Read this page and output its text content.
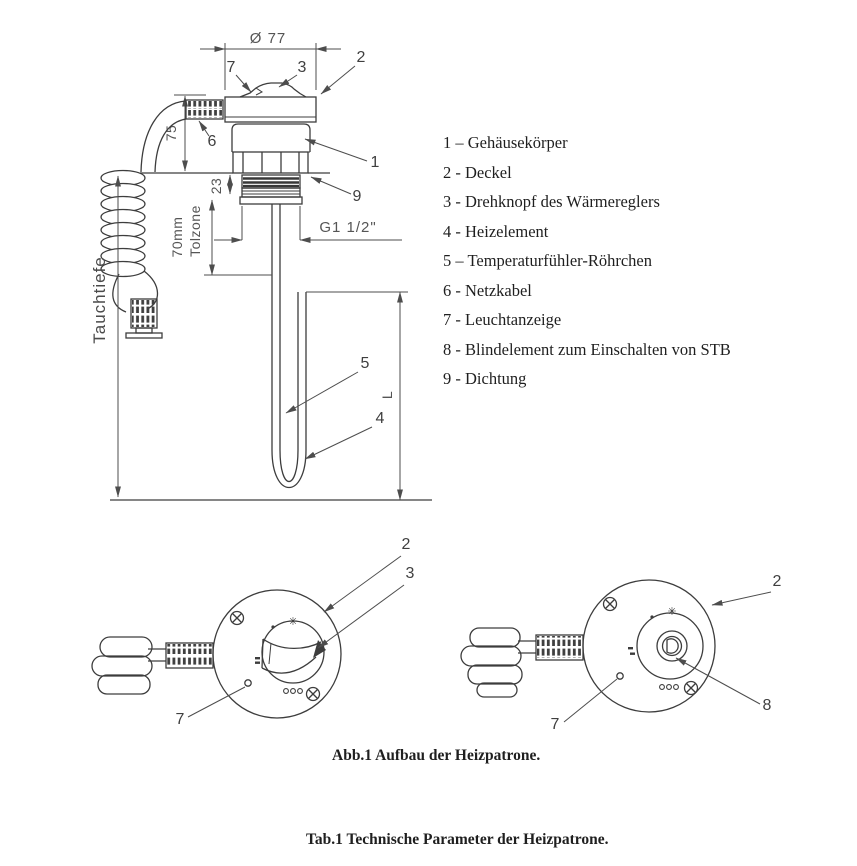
Ø 77
23
75
Tauchtiefe
G1 1/2"
70mm Tolzone
L
7	3
2
6
1
9
5
4
✳
2
3
7
✳
2
8
7
1 – Gehäusekörper
2 - Deckel
3 - Drehknopf des Wärmereglers
4 - Heizelement
5 – Temperaturfühler-Röhrchen
6 - Netzkabel
7 - Leuchtanzeige
8 - Blindelement zum Einschalten von STB
9 - Dichtung
Abb.1 Aufbau der Heizpatrone.
Tab.1 Technische Parameter der Heizpatrone.
